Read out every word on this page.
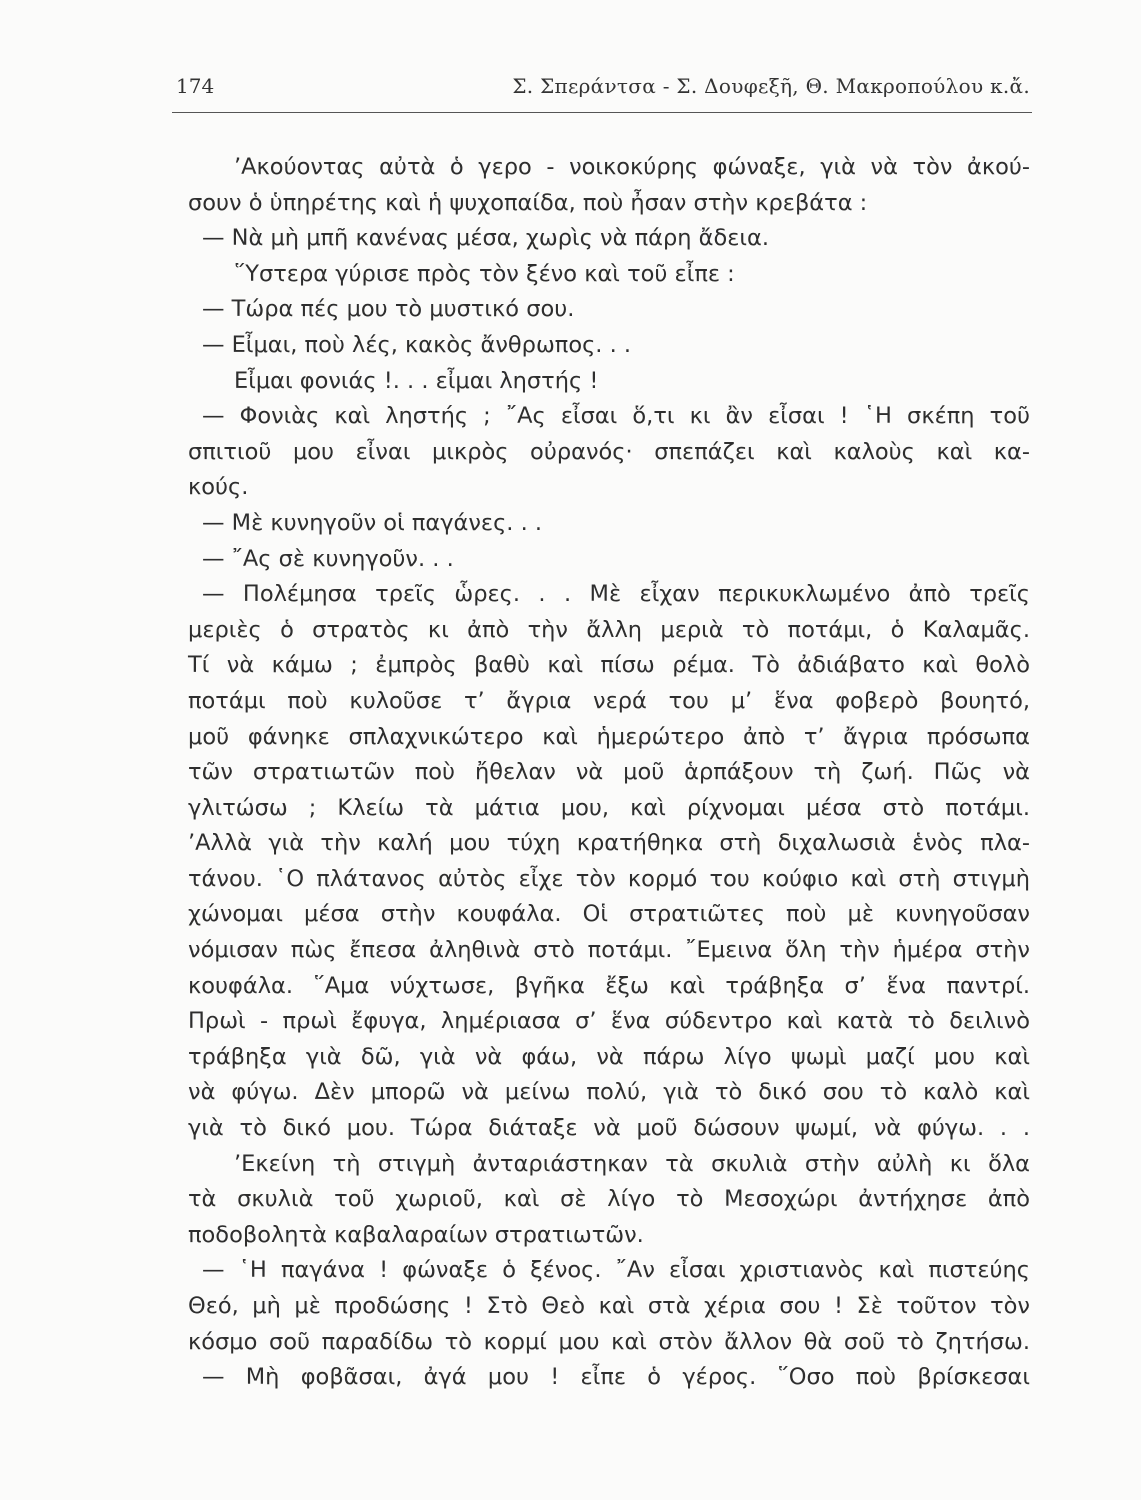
174	Σ. Σπεράντσα - Σ. Δουφεξῆ, Θ. Μακροπούλου κ.ἄ.
’Ακούοντας αὐτὰ ὁ γερο - νοικοκύρης φώναξε, γιὰ νὰ τὸν ἀκού-
σουν ὁ ὑπηρέτης καὶ ἡ ψυχοπαίδα, ποὺ ἦσαν στὴν κρεβάτα :
— Νὰ μὴ μπῆ κανένας μέσα, χωρὶς νὰ πάρη ἄδεια.
῞Υστερα γύρισε πρὸς τὸν ξένο καὶ τοῦ εἶπε :
— Τώρα πές μου τὸ μυστικό σου.
— Εἶμαι, ποὺ λές, κακὸς ἄνθρωπος. . .
Εἶμαι φονιάς !. . . εἶμαι ληστής !
— Φονιὰς καὶ ληστής ; ῎Ας εἶσαι ὅ,τι κι ἂν εἶσαι ! ῾Η σκέπη τοῦ
σπιτιοῦ μου εἶναι μικρὸς οὐρανός· σπεπάζει καὶ καλοὺς καὶ κα-
κούς.
— Μὲ κυνηγοῦν οἱ παγάνες. . .
— ῎Ας σὲ κυνηγοῦν. . .
— Πολέμησα τρεῖς ὧρες. . . Μὲ εἶχαν περικυκλωμένο ἀπὸ τρεῖς
μεριὲς ὁ στρατὸς κι ἀπὸ τὴν ἄλλη μεριὰ τὸ ποτάμι, ὁ Καλαμᾶς.
Τί νὰ κάμω ; ἐμπρὸς βαθὺ καὶ πίσω ρέμα. Τὸ ἀδιάβατο καὶ θολὸ
ποτάμι ποὺ κυλοῦσε τ’ ἄγρια νερά του μ’ ἕνα φοβερὸ βουητό,
μοῦ φάνηκε σπλαχνικώτερο καὶ ἡμερώτερο ἀπὸ τ’ ἄγρια πρόσωπα
τῶν στρατιωτῶν ποὺ ἤθελαν νὰ μοῦ ἁρπάξουν τὴ ζωή. Πῶς νὰ
γλιτώσω ; Κλείω τὰ μάτια μου, καὶ ρίχνομαι μέσα στὸ ποτάμι.
’Αλλὰ γιὰ τὴν καλή μου τύχη κρατήθηκα στὴ διχαλωσιὰ ἑνὸς πλα-
τάνου. ῾Ο πλάτανος αὐτὸς εἶχε τὸν κορμό του κούφιο καὶ στὴ στιγμὴ
χώνομαι μέσα στὴν κουφάλα. Οἱ στρατιῶτες ποὺ μὲ κυνηγοῦσαν
νόμισαν πὼς ἔπεσα ἀληθινὰ στὸ ποτάμι. ῎Εμεινα ὅλη τὴν ἡμέρα στὴν
κουφάλα. ῞Αμα νύχτωσε, βγῆκα ἔξω καὶ τράβηξα σ’ ἕνα παντρί.
Πρωὶ - πρωὶ ἔφυγα, λημέριασα σ’ ἕνα σύδεντρο καὶ κατὰ τὸ δειλινὸ
τράβηξα γιὰ δῶ, γιὰ νὰ φάω, νὰ πάρω λίγο ψωμὶ μαζί μου καὶ
νὰ φύγω. Δὲν μπορῶ νὰ μείνω πολύ, γιὰ τὸ δικό σου τὸ καλὸ καὶ
γιὰ τὸ δικό μου. Τώρα διάταξε νὰ μοῦ δώσουν ψωμί, νὰ φύγω. . .
’Εκείνη τὴ στιγμὴ ἀνταριάστηκαν τὰ σκυλιὰ στὴν αὐλὴ κι ὅλα
τὰ σκυλιὰ τοῦ χωριοῦ, καὶ σὲ λίγο τὸ Μεσοχώρι ἀντήχησε ἀπὸ
ποδοβολητὰ καβαλαραίων στρατιωτῶν.
— ῾Η παγάνα ! φώναξε ὁ ξένος. ῎Αν εἶσαι χριστιανὸς καὶ πιστεύης
Θεό, μὴ μὲ προδώσης ! Στὸ Θεὸ καὶ στὰ χέρια σου ! Σὲ τοῦτον τὸν
κόσμο σοῦ παραδίδω τὸ κορμί μου καὶ στὸν ἄλλον θὰ σοῦ τὸ ζητήσω.
— Μὴ φοβᾶσαι, ἀγά μου ! εἶπε ὁ γέρος. ῞Οσο ποὺ βρίσκεσαι
